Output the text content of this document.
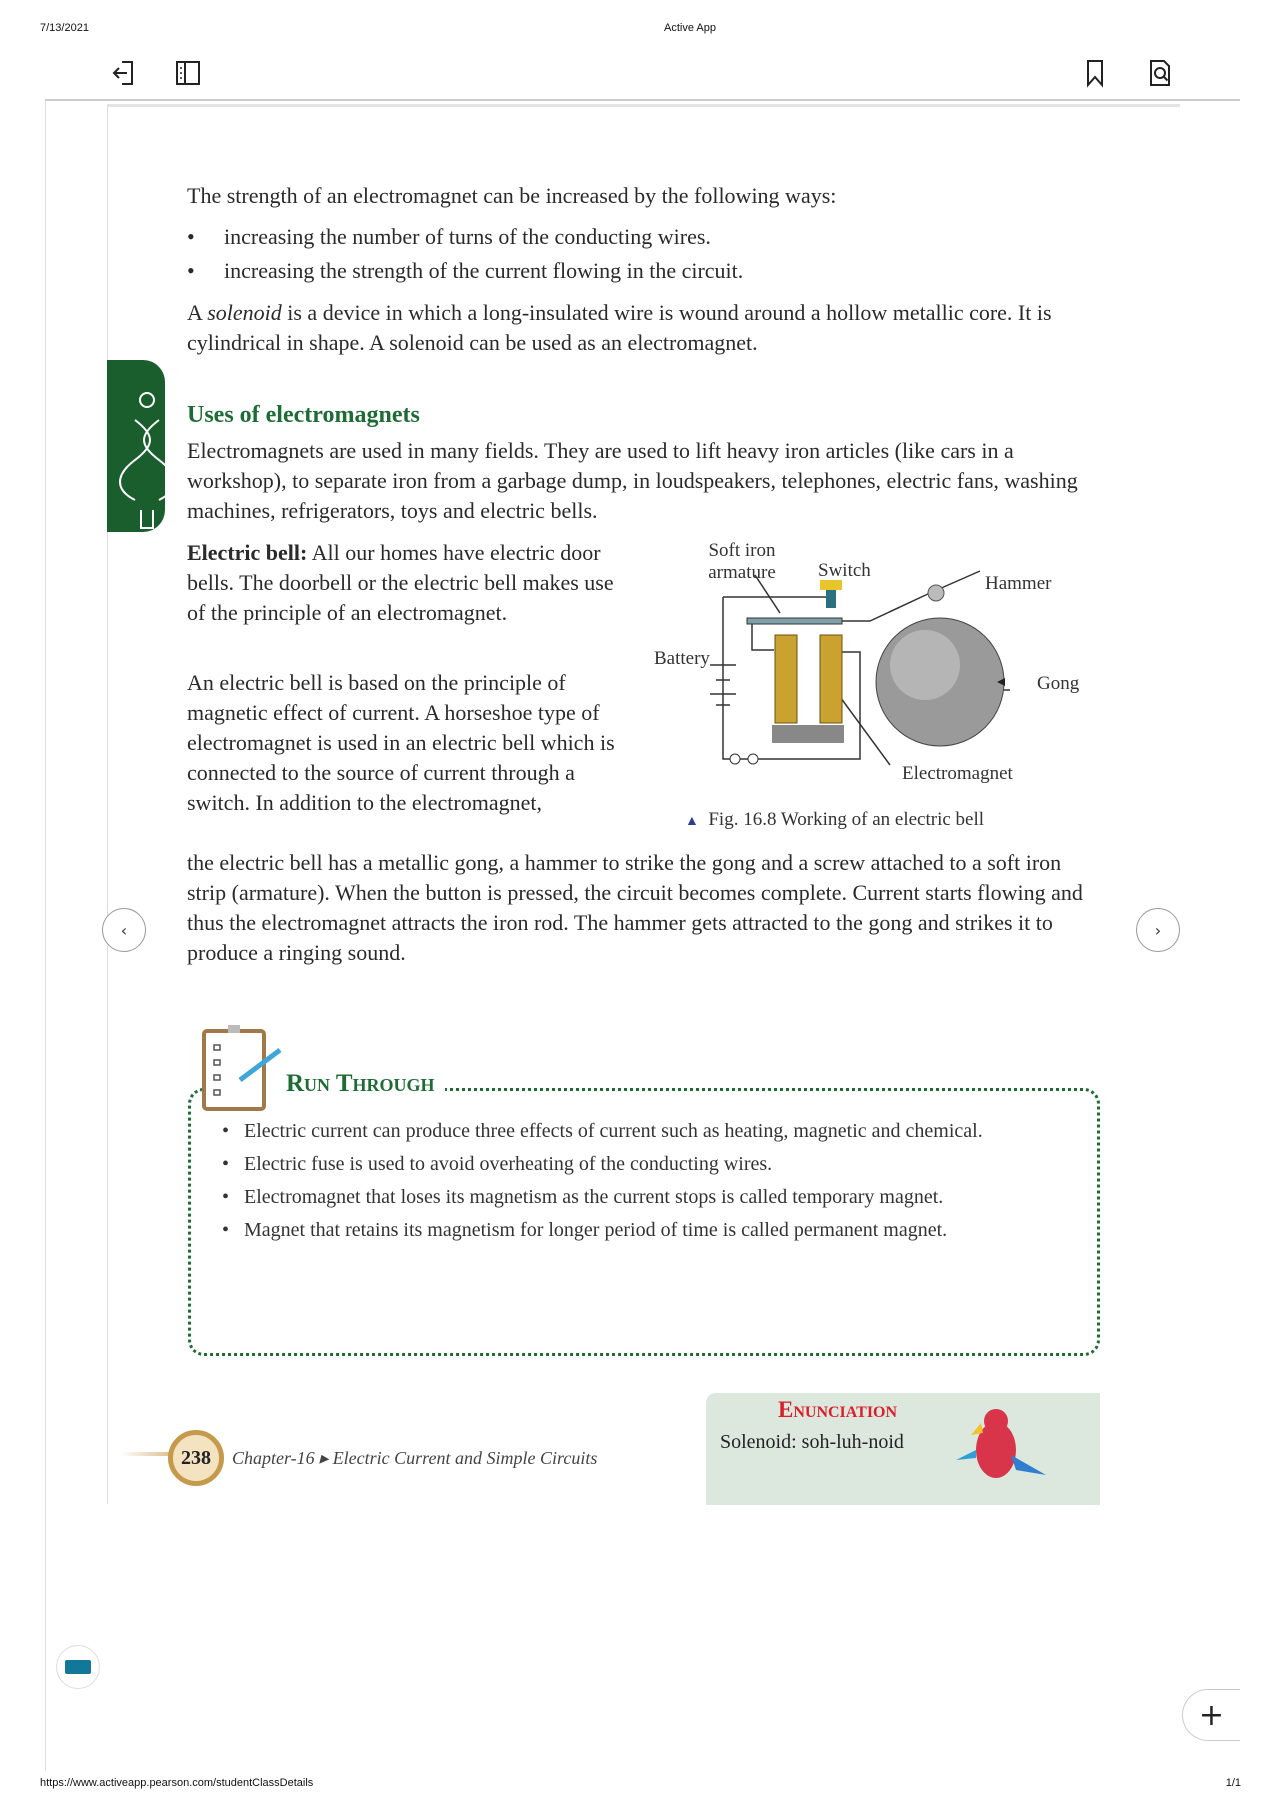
7/13/2021	Active App
The strength of an electromagnet can be increased by the following ways:
• increasing the number of turns of the conducting wires.
• increasing the strength of the current flowing in the circuit.
A solenoid is a device in which a long-insulated wire is wound around a hollow metallic core. It is cylindrical in shape. A solenoid can be used as an electromagnet.
Uses of electromagnets
Electromagnets are used in many fields. They are used to lift heavy iron articles (like cars in a workshop), to separate iron from a garbage dump, in loudspeakers, telephones, electric fans, washing machines, refrigerators, toys and electric bells.
Electric bell: All our homes have electric door bells. The doorbell or the electric bell makes use of the principle of an electromagnet.
An electric bell is based on the principle of magnetic effect of current. A horseshoe type of electromagnet is used in an electric bell which is connected to the source of current through a switch. In addition to the electromagnet,
the electric bell has a metallic gong, a hammer to strike the gong and a screw attached to a soft iron strip (armature). When the button is pressed, the circuit becomes complete. Current starts flowing and thus the electromagnet attracts the iron rod. The hammer gets attracted to the gong and strikes it to produce a ringing sound.
Soft iron armature	Switch
Hammer
Battery
Gong
Electromagnet
▲ Fig. 16.8 Working of an electric bell
‹	›
Run Through
• Electric current can produce three effects of current such as heating, magnetic and chemical.
• Electric fuse is used to avoid overheating of the conducting wires.
• Electromagnet that loses its magnetism as the current stops is called temporary magnet.
• Magnet that retains its magnetism for longer period of time is called permanent magnet.
238	Chapter-16 ▸ Electric Current and Simple Circuits
Enunciation
Solenoid: soh-luh-noid
+
https://www.activeapp.pearson.com/studentClassDetails	1/1
